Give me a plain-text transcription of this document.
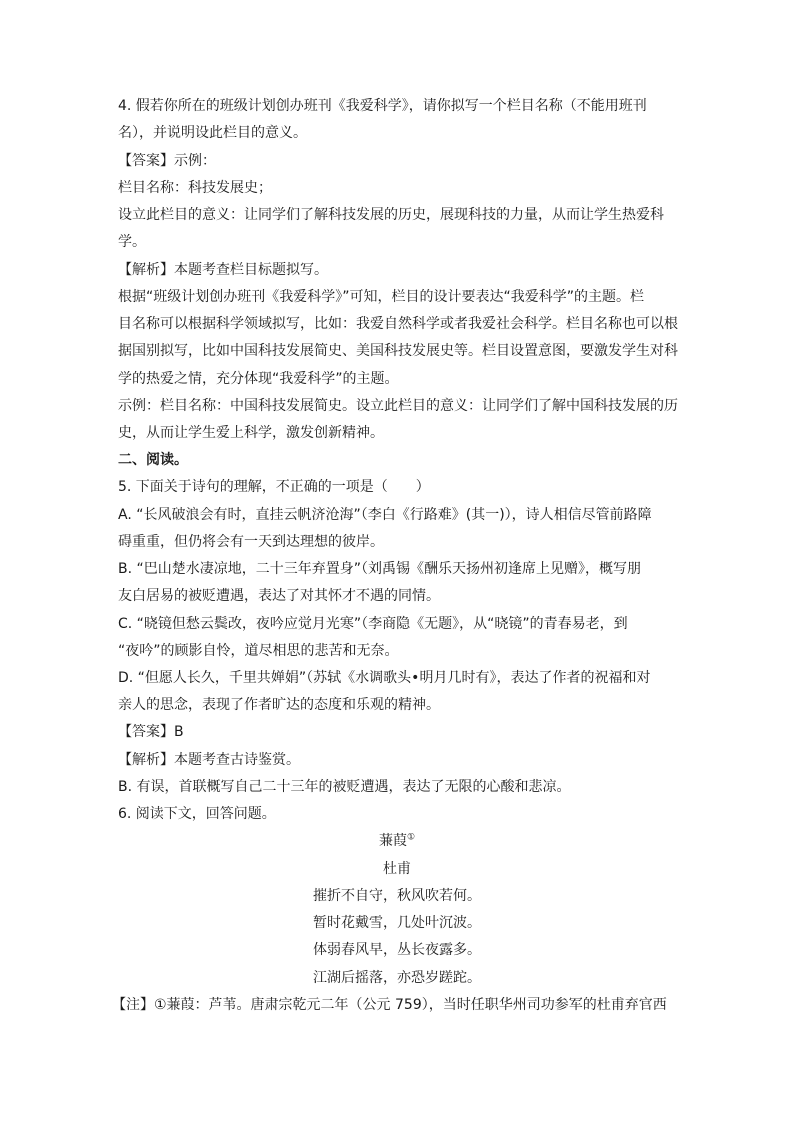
4. 假若你所在的班级计划创办班刊《我爱科学》，请你拟写一个栏目名称（不能用班刊
名），并说明设此栏目的意义。
【答案】示例：
栏目名称：科技发展史；
设立此栏目的意义：让同学们了解科技发展的历史，展现科技的力量，从而让学生热爱科
学。
【解析】本题考查栏目标题拟写。
根据“班级计划创办班刊《我爱科学》”可知，栏目的设计要表达“我爱科学”的主题。栏
目名称可以根据科学领域拟写，比如：我爱自然科学或者我爱社会科学。栏目名称也可以根
据国别拟写，比如中国科技发展简史、美国科技发展史等。栏目设置意图，要激发学生对科
学的热爱之情，充分体现“我爱科学”的主题。
示例：栏目名称：中国科技发展简史。设立此栏目的意义：让同学们了解中国科技发展的历
史，从而让学生爱上科学，激发创新精神。
二、阅读。
5. 下面关于诗句的理解，不正确的一项是（　　）
A. “长风破浪会有时，直挂云帆济沧海”（李白《行路难》(其一)），诗人相信尽管前路障
碍重重，但仍将会有一天到达理想的彼岸。
B. “巴山楚水凄凉地，二十三年弃置身”（刘禹锡《酬乐天扬州初逢席上见赠》，概写朋
友白居易的被贬遭遇，表达了对其怀才不遇的同情。
C. “晓镜但愁云鬓改，夜吟应觉月光寒”（李商隐《无题》，从“晓镜”的青春易老，到
“夜吟”的顾影自怜，道尽相思的悲苦和无奈。
D. “但愿人长久，千里共婵娟”（苏轼《水调歌头•明月几时有》，表达了作者的祝福和对
亲人的思念，表现了作者旷达的态度和乐观的精神。
【答案】B
【解析】本题考查古诗鉴赏。
B. 有误，首联概写自己二十三年的被贬遭遇，表达了无限的心酸和悲凉。
6. 阅读下文，回答问题。
蒹葭①
杜甫
摧折不自守，秋风吹若何。
暂时花戴雪，几处叶沉波。
体弱春风早，丛长夜露多。
江湖后摇落，亦恐岁蹉跎。
【注】①蒹葭：芦苇。唐肃宗乾元二年（公元 759），当时任职华州司功参军的杜甫弃官西
